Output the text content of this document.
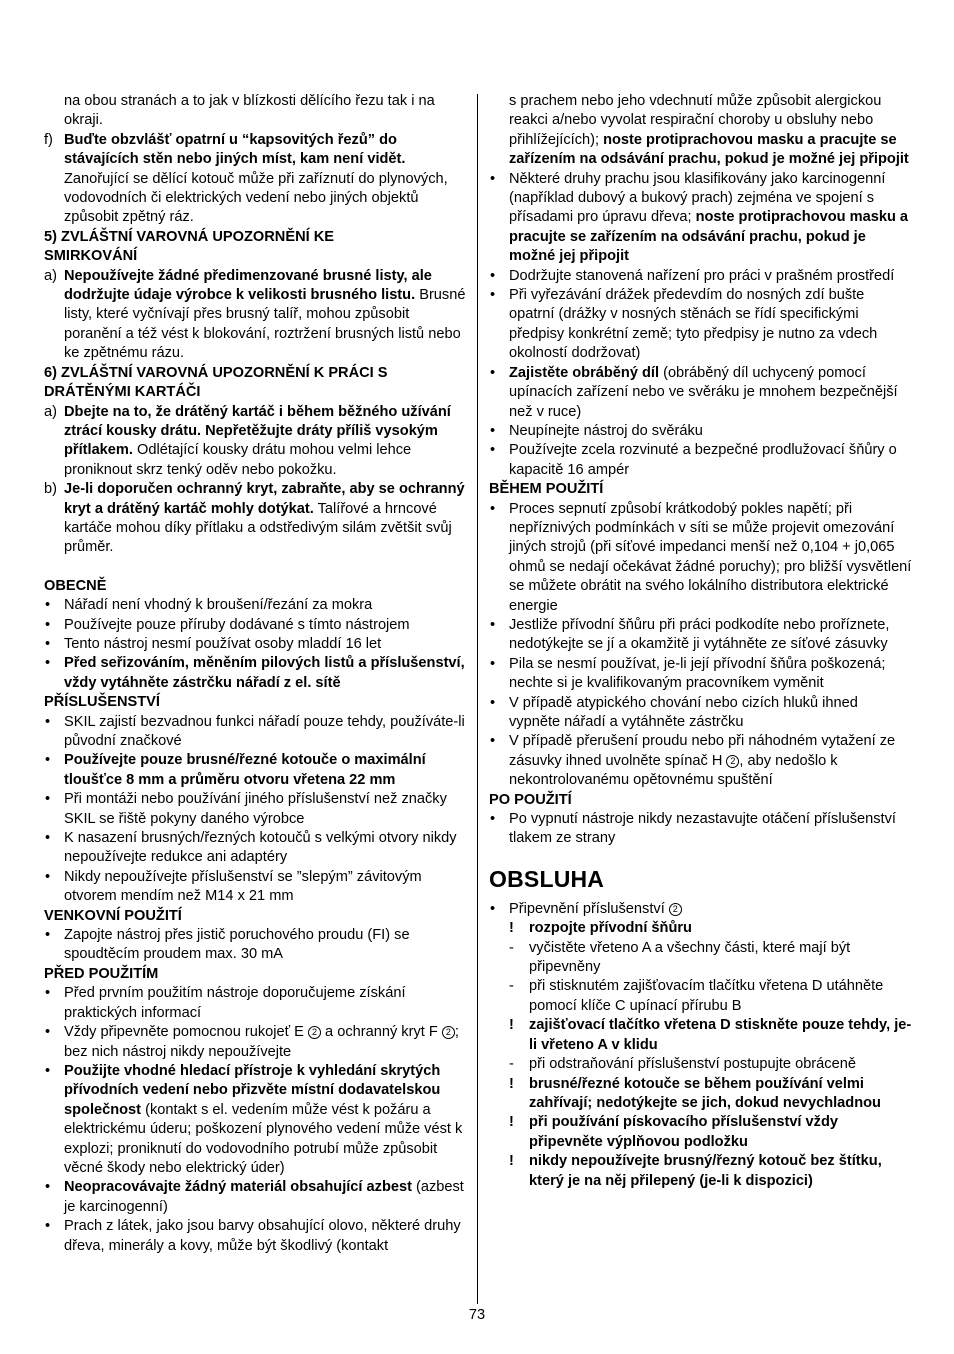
na obou stranách a to jak v blízkosti dělícího řezu tak i na okraji.
f) Buďte obzvlášť opatrní u “kapsovitých řezů” do stávajících stěn nebo jiných míst, kam není vidět. Zanořující se dělící kotouč může při zaříznutí do plynových, vodovodních či elektrických vedení nebo jiných objektů způsobit zpětný ráz.
5) ZVLÁŠTNÍ VAROVNÁ UPOZORNĚNÍ KE SMIRKOVÁNÍ
a) Nepoužívejte žádné předimenzované brusné listy, ale dodržujte údaje výrobce k velikosti brusného listu. Brusné listy, které vyčnívají přes brusný talíř, mohou způsobit poranění a též vést k blokování, roztržení brusných listů nebo ke zpětnému rázu.
6) ZVLÁŠTNÍ VAROVNÁ UPOZORNĚNÍ K PRÁCI S DRÁTĚNÝMI KARTÁČI
a) Dbejte na to, že drátěný kartáč i během běžného užívání ztrácí kousky drátu. Nepřetěžujte dráty příliš vysokým přítlakem. Odlétající kousky drátu mohou velmi lehce proniknout skrz tenký oděv nebo pokožku.
b) Je-li doporučen ochranný kryt, zabraňte, aby se ochranný kryt a drátěný kartáč mohly dotýkat. Talířové a hrncové kartáče mohou díky přítlaku a odstředivým silám zvětšit svůj průměr.
OBECNĚ
• Nářadí není vhodný k broušení/řezání za mokra
• Používejte pouze příruby dodávané s tímto nástrojem
• Tento nástroj nesmí používat osoby mladdí 16 let
• Před seřizováním, měněním pilových listů a příslušenství, vždy vytáhněte zástrčku nářadí z el. sítě
PŘÍSLUŠENSTVÍ
• SKIL zajistí bezvadnou funkci nářadí pouze tehdy, používáte-li původní značkové
• Používejte pouze brusné/řezné kotouče o maximální tloušťce 8 mm a průměru otvoru vřetena 22 mm
• Při montáži nebo používání jiného příslušenství než značky SKIL se řiště pokyny daného výrobce
• K nasazení brusných/řezných kotoučů s velkými otvory nikdy nepoužívejte redukce ani adaptéry
• Nikdy nepoužívejte příslušenství se ”slepým” závitovým otvorem mendím než M14 x 21 mm
VENKOVNÍ POUŽITÍ
• Zapojte nástroj přes jistič poruchového proudu (FI) se spoudtěcím proudem max. 30 mA
PŘED POUŽITÍM
• Před prvním použitím nástroje doporučujeme získání praktických informací
• Vždy připevněte pomocnou rukojeť E 2 a ochranný kryt F 2 ; bez nich nástroj nikdy nepoužívejte
• Použijte vhodné hledací přístroje k vyhledání skrytých přívodních vedení nebo přizvěte místní dodavatelskou společnost (kontakt s el. vedením může vést k požáru a elektrickému úderu; poškození plynového vedení může vést k explozi; proniknutí do vodovodního potrubí může způsobit věcné škody nebo elektrický úder)
• Neopracovávajte žádný materiál obsahující azbest (azbest je karcinogenní)
• Prach z látek, jako jsou barvy obsahující olovo, některé druhy dřeva, minerály a kovy, může být škodlivý (kontakt
s prachem nebo jeho vdechnutí může způsobit alergickou reakci a/nebo vyvolat respirační choroby u obsluhy nebo přihlížejících); noste protiprachovou masku a pracujte se zařízením na odsávání prachu, pokud je možné jej připojit
• Některé druhy prachu jsou klasifikovány jako karcinogenní (například dubový a bukový prach) zejména ve spojení s přísadami pro úpravu dřeva; noste protiprachovou masku a pracujte se zařízením na odsávání prachu, pokud je možné jej připojit
• Dodržujte stanovená nařízení pro práci v prašném prostředí
• Při vyřezávání drážek předevdím do nosných zdí bušte opatrní (drážky v nosných stěnách se řídí specifickými předpisy konkrétní země; tyto předpisy je nutno za vdech okolností dodržovat)
• Zajistěte obráběný díl (obráběný díl uchycený pomocí upínacích zařízení nebo ve svěráku je mnohem bezpečnější než v ruce)
• Neupínejte nástroj do svěráku
• Používejte zcela rozvinuté a bezpečné prodlužovací šňůry o kapacitě 16 ampér
BĚHEM POUŽITÍ
• Proces sepnutí způsobí krátkodobý pokles napětí; při nepříznivých podmínkách v síti se může projevit omezování jiných strojů (při síťové impedanci menší než 0,104 + j0,065 ohmů se nedají očekávat žádné poruchy); pro bližší vysvětlení se můžete obrátit na svého lokálního distributora elektrické energie
• Jestliže přívodní šňůru při práci podkodíte nebo proříznete, nedotýkejte se jí a okamžitě ji vytáhněte ze síťové zásuvky
• Pila se nesmí používat, je-li její přívodní šňůra poškozená; nechte si je kvalifikovaným pracovníkem vyměnit
• V případě atypického chování nebo cizích hluků ihned vypněte nářadí a vytáhněte zástrčku
• V případě přerušení proudu nebo při náhodném vytažení ze zásuvky ihned uvolněte spínač H 2 , aby nedošlo k nekontrolovanému opětovnému spuštění
PO POUŽITÍ
• Po vypnutí nástroje nikdy nezastavujte otáčení příslušenství tlakem ze strany
OBSLUHA
• Připevnění příslušenství 2
!	rozpojte přívodní šňůru
-	vyčistěte vřeteno A a všechny části, které mají být připevněny
-	při stisknutém zajišťovacím tlačítku vřetena D utáhněte pomocí klíče C upínací přírubu B
!	zajišťovací tlačítko vřetena D stiskněte pouze tehdy, je-li vřeteno A v klidu
-	při odstraňování příslušenství postupujte obráceně
!	brusné/řezné kotouče se během používání velmi zahřívají; nedotýkejte se jich, dokud nevychladnou
!	při používání pískovacího příslušenství vždy připevněte výplňovou podložku
!	nikdy nepoužívejte brusný/řezný kotouč bez štítku, který je na něj přilepený (je-li k dispozici)
73
